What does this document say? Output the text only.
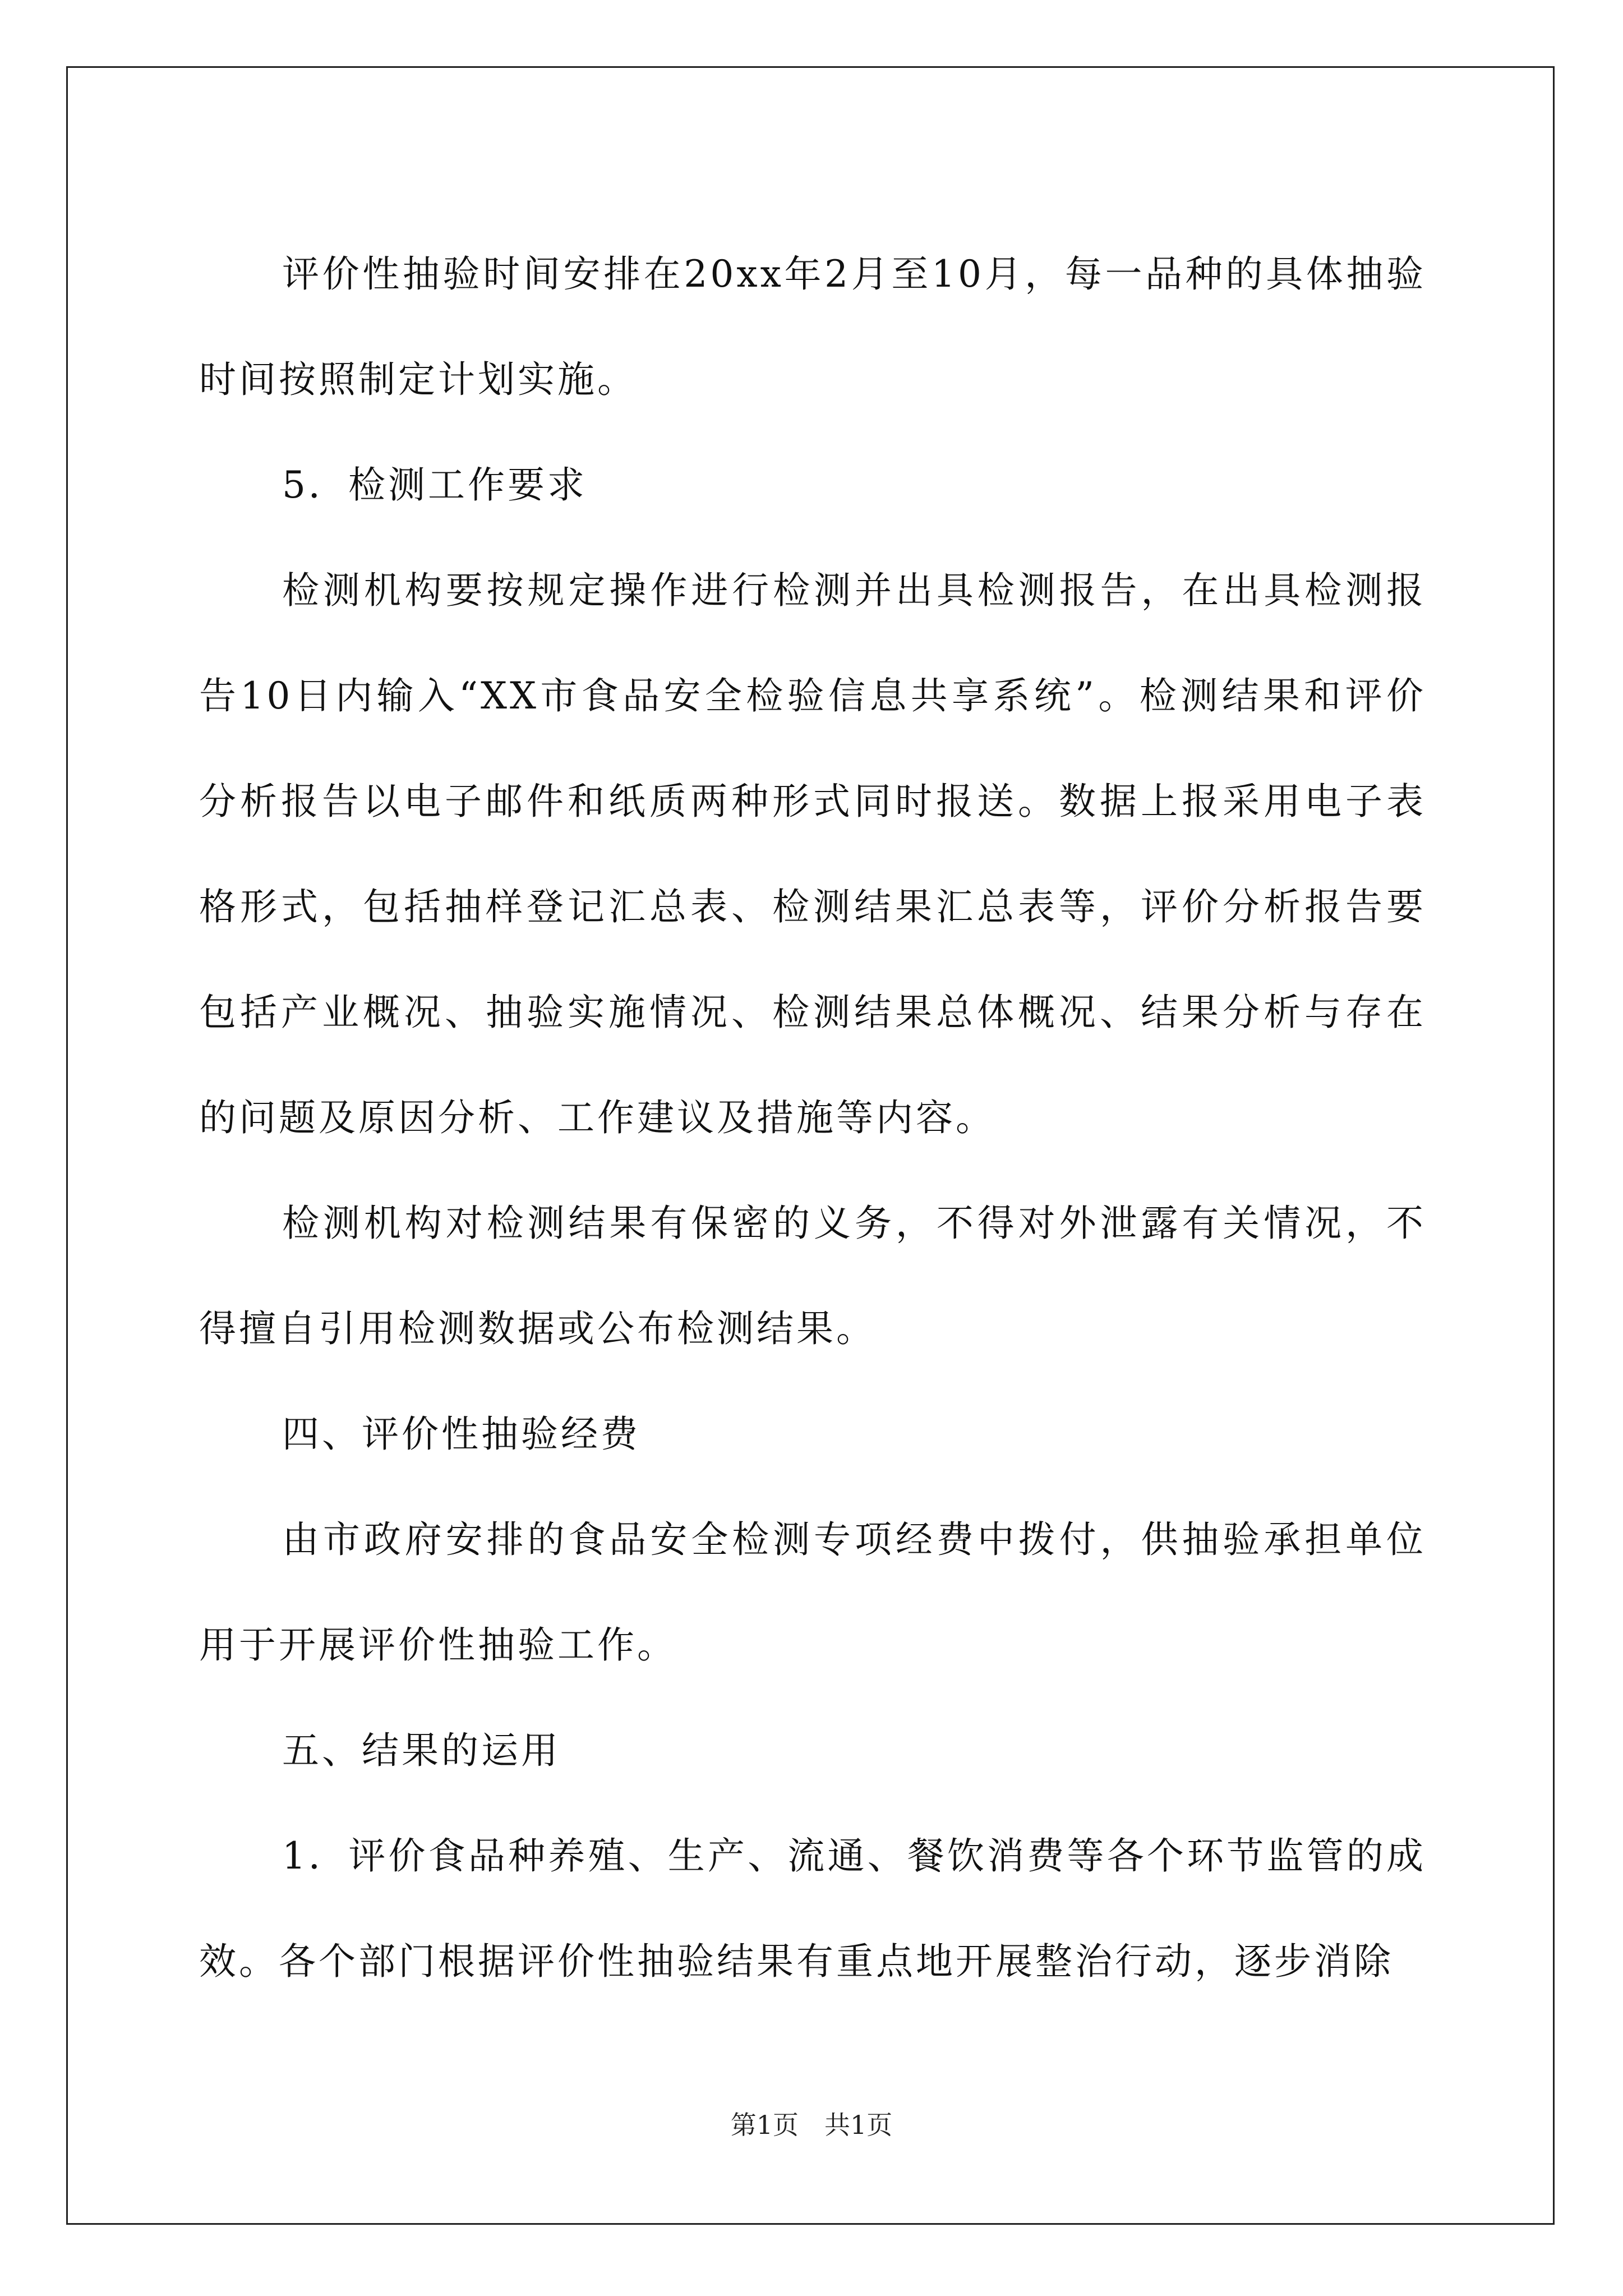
评价性抽验时间安排在20xx年2月至10月，每一品种的具体抽验时间按照制定计划实施。

5．检测工作要求

检测机构要按规定操作进行检测并出具检测报告，在出具检测报告10日内输入“XX市食品安全检验信息共享系统”。检测结果和评价分析报告以电子邮件和纸质两种形式同时报送。数据上报采用电子表格形式，包括抽样登记汇总表、检测结果汇总表等，评价分析报告要包括产业概况、抽验实施情况、检测结果总体概况、结果分析与存在的问题及原因分析、工作建议及措施等内容。

检测机构对检测结果有保密的义务，不得对外泄露有关情况，不得擅自引用检测数据或公布检测结果。

四、评价性抽验经费

由市政府安排的食品安全检测专项经费中拨付，供抽验承担单位用于开展评价性抽验工作。

五、结果的运用

1．评价食品种养殖、生产、流通、餐饮消费等各个环节监管的成效。各个部门根据评价性抽验结果有重点地开展整治行动，逐步消除

第1页　共1页
